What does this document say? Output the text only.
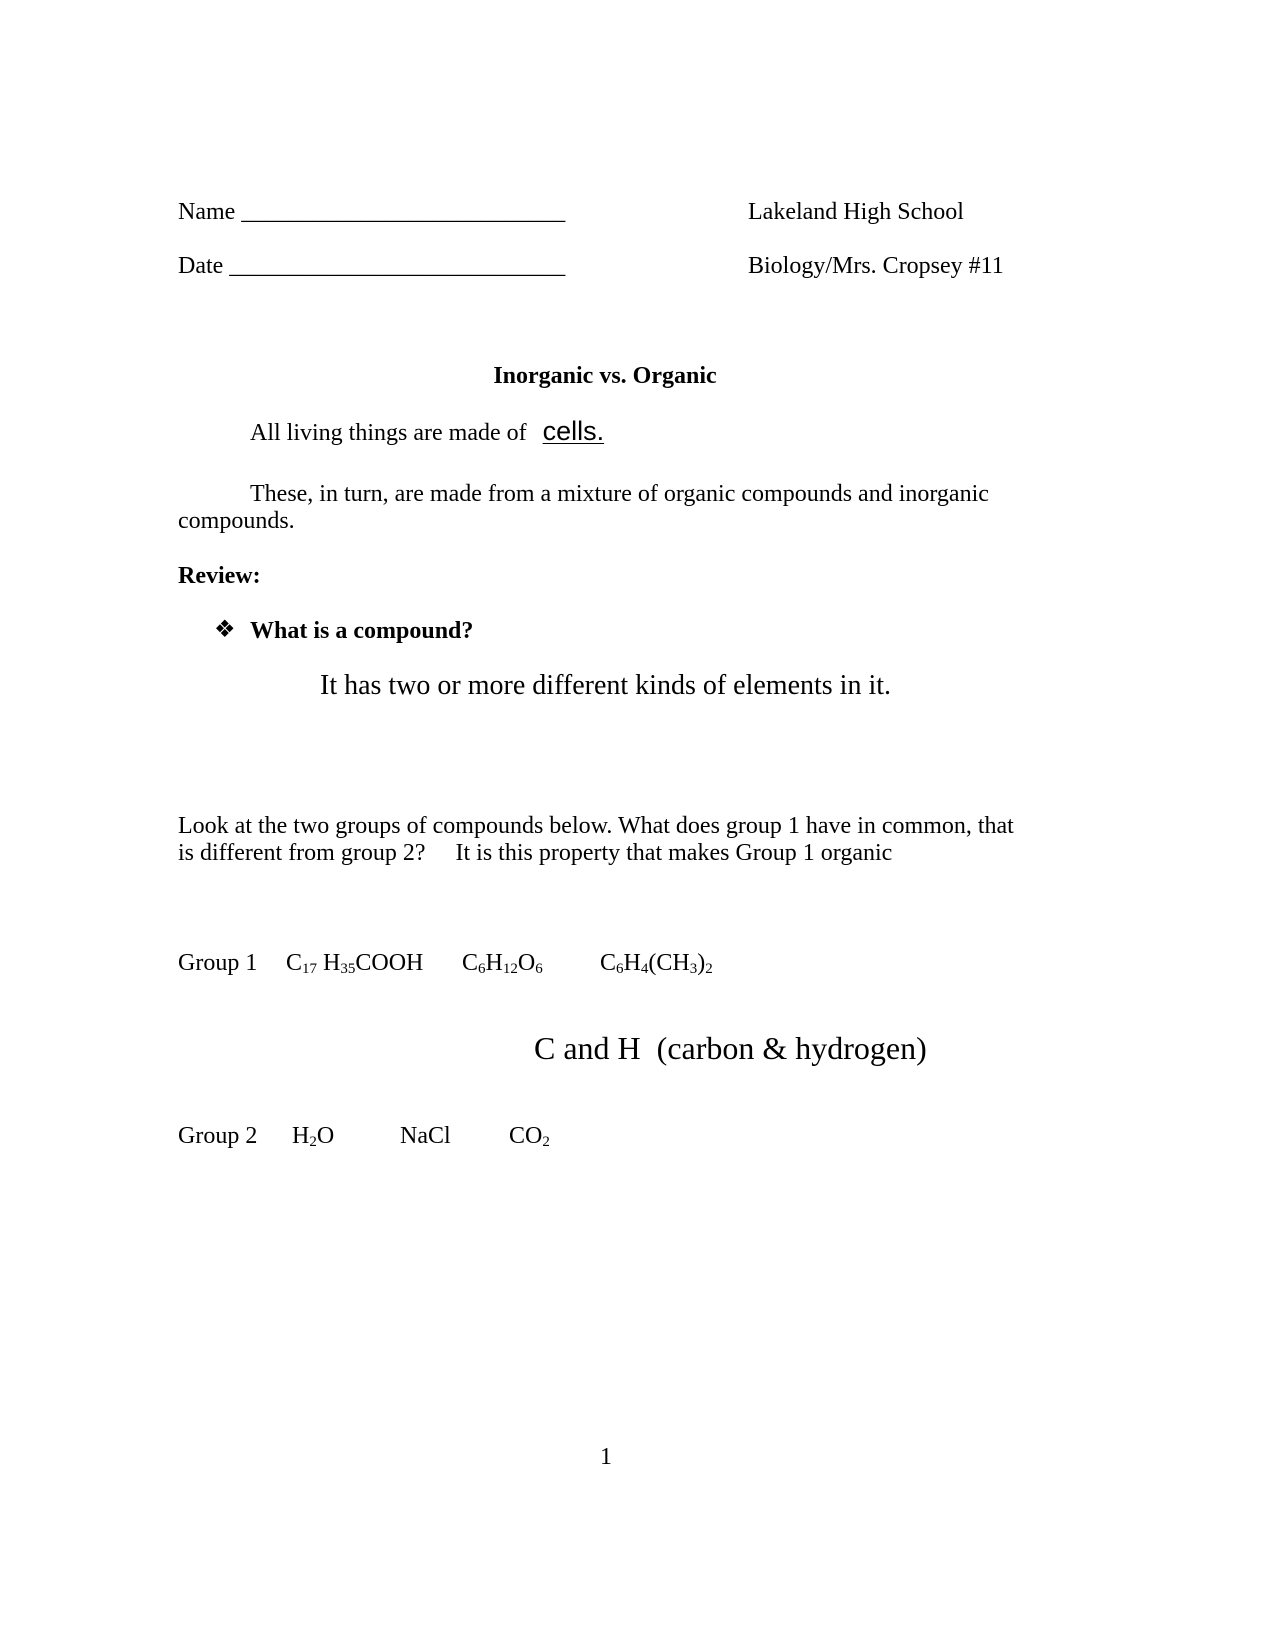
Name ___________________________
Date ____________________________
Lakeland High School
Biology/Mrs. Cropsey #11
Inorganic vs. Organic
All living things are made of cells.
These, in turn, are made from a mixture of organic compounds and inorganic
compounds.
Review:
❖ What is a compound?
It has two or more different kinds of elements in it.
Look at the two groups of compounds below. What does group 1 have in common, that
is different from group 2?     It is this property that makes Group 1 organic
Group 1 $C_{17}$ $H_{35}COOH$ $C_6H_{12}O_6$ $C_6H_4(CH_3)_2$
C and H  (carbon & hydrogen)
Group 2 $H_2O$	NaCl $CO_2$
1
